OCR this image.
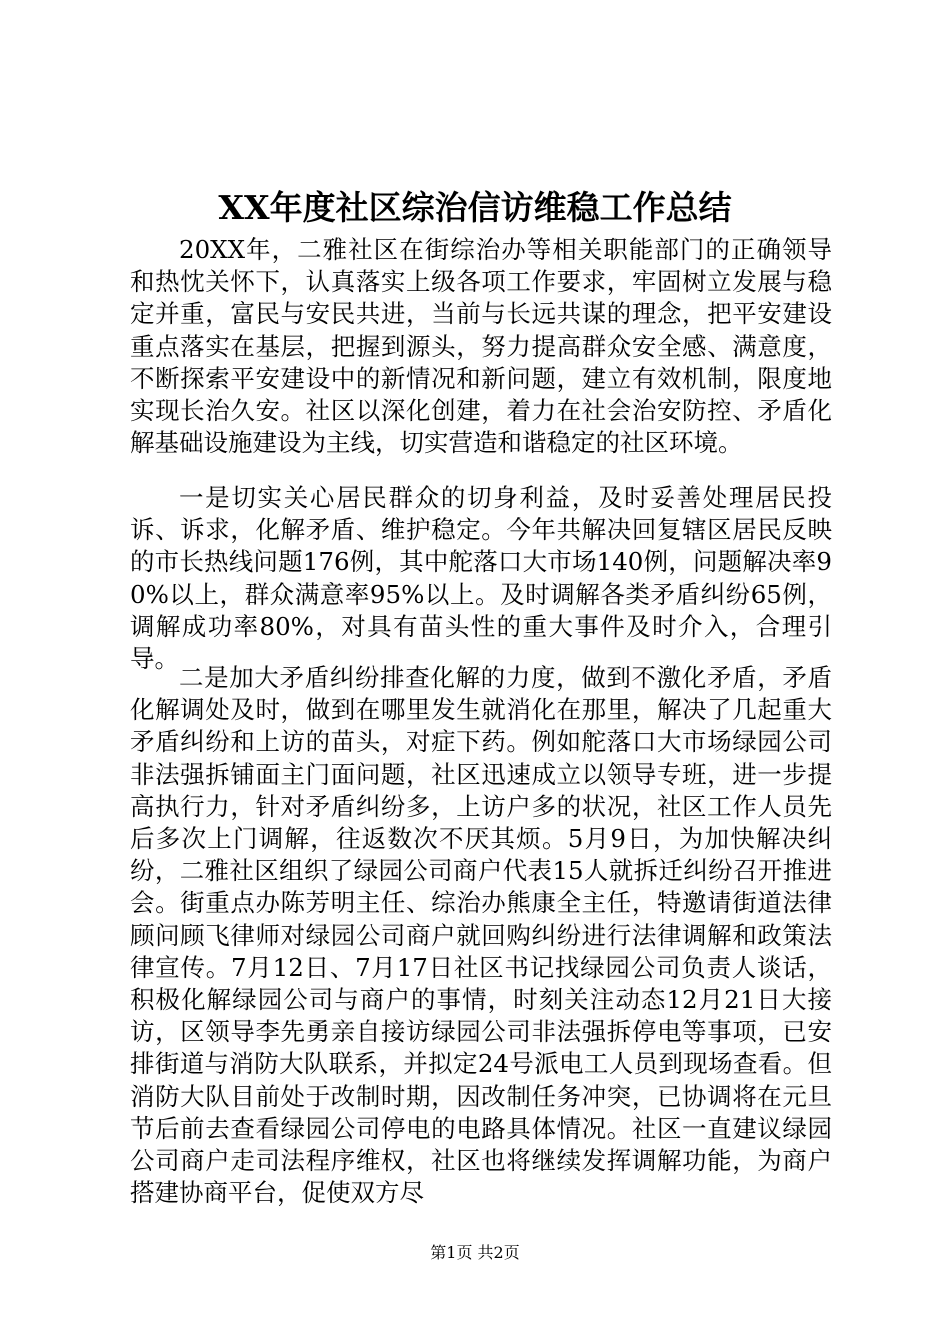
XX年度社区综治信访维稳工作总结

20XX年，二雅社区在街综治办等相关职能部门的正确领导和热忱关怀下，认真落实上级各项工作要求，牢固树立发展与稳定并重，富民与安民共进，当前与长远共谋的理念，把平安建设重点落实在基层，把握到源头，努力提高群众安全感、满意度，不断探索平安建设中的新情况和新问题，建立有效机制，限度地实现长治久安。社区以深化创建，着力在社会治安防控、矛盾化解基础设施建设为主线，切实营造和谐稳定的社区环境。

一是切实关心居民群众的切身利益，及时妥善处理居民投诉、诉求，化解矛盾、维护稳定。今年共解决回复辖区居民反映的市长热线问题176例，其中舵落口大市场140例，问题解决率90%以上，群众满意率95%以上。及时调解各类矛盾纠纷65例，调解成功率80%，对具有苗头性的重大事件及时介入，合理引导。

二是加大矛盾纠纷排查化解的力度，做到不激化矛盾，矛盾化解调处及时，做到在哪里发生就消化在那里，解决了几起重大矛盾纠纷和上访的苗头，对症下药。例如舵落口大市场绿园公司非法强拆铺面主门面问题，社区迅速成立以领导专班，进一步提高执行力，针对矛盾纠纷多，上访户多的状况，社区工作人员先后多次上门调解，往返数次不厌其烦。5月9日，为加快解决纠纷，二雅社区组织了绿园公司商户代表15人就拆迁纠纷召开推进会。街重点办陈芳明主任、综治办熊康全主任，特邀请街道法律顾问顾飞律师对绿园公司商户就回购纠纷进行法律调解和政策法律宣传。7月12日、7月17日社区书记找绿园公司负责人谈话，积极化解绿园公司与商户的事情，时刻关注动态12月21日大接访，区领导李先勇亲自接访绿园公司非法强拆停电等事项，已安排街道与消防大队联系，并拟定24号派电工人员到现场查看。但消防大队目前处于改制时期，因改制任务冲突，已协调将在元旦节后前去查看绿园公司停电的电路具体情况。社区一直建议绿园公司商户走司法程序维权，社区也将继续发挥调解功能，为商户搭建协商平台，促使双方尽

第1页 共2页
